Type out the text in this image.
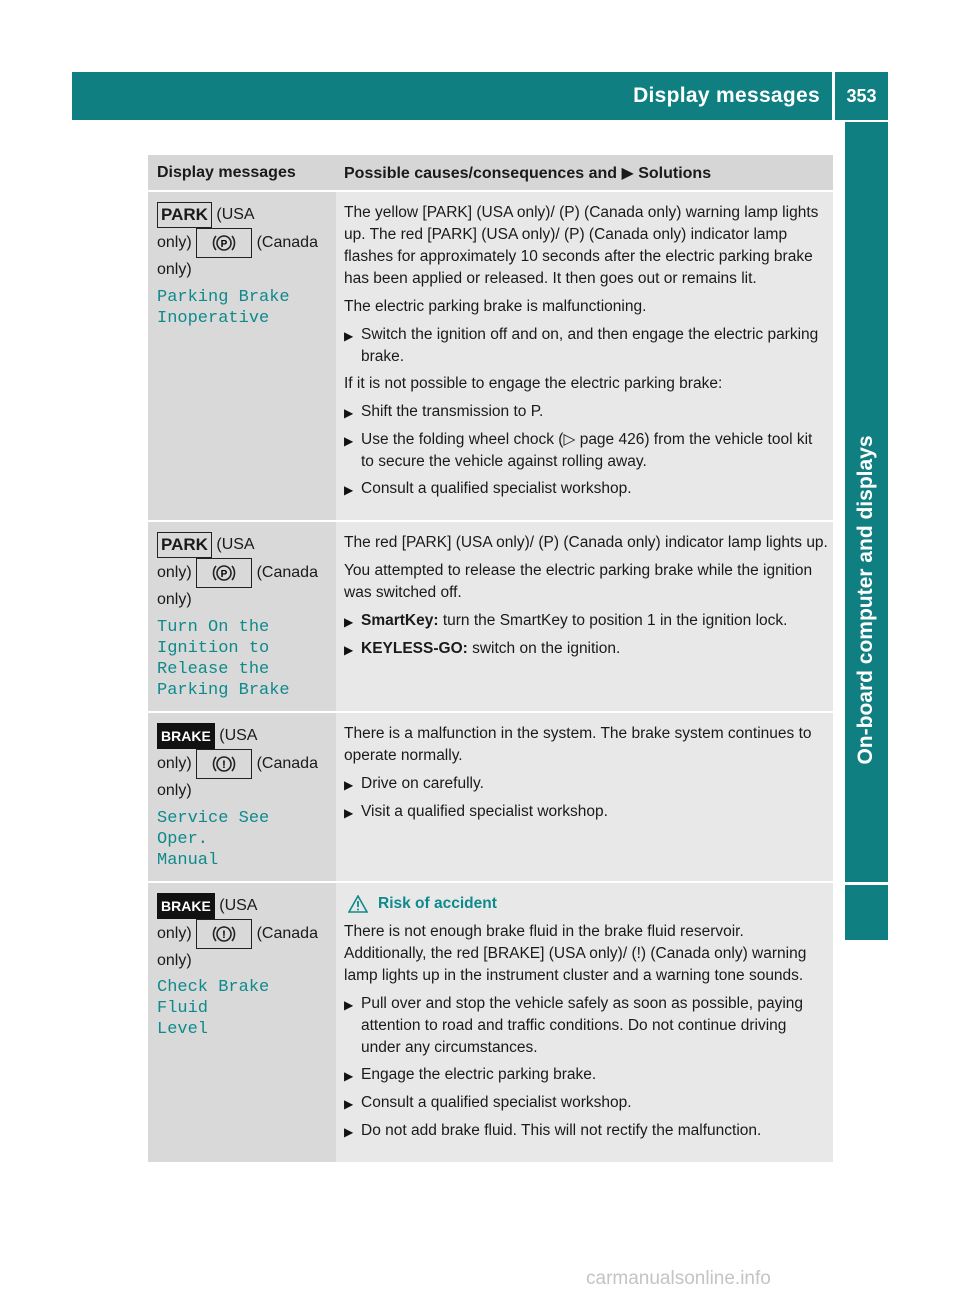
Display messages	353
On-board computer and displays
Display messages	Possible causes/consequences and ▶ Solutions
PARK (USA
only)	P (Canada
only)
Parking Brake
Inoperative

The yellow [PARK] (USA only)/ (P) (Canada only) warning lamp lights up. The red [PARK] (USA only)/ (P) (Canada only) indicator lamp flashes for approximately 10 seconds after the electric parking brake has been applied or released. It then goes out or remains lit.

The electric parking brake is malfunctioning.

▶ Switch the ignition off and on, and then engage the electric parking brake.

If it is not possible to engage the electric parking brake:

▶ Shift the transmission to P.
▶ Use the folding wheel chock (▷ page 426) from the vehicle tool kit to secure the vehicle against rolling away.
▶ Consult a qualified specialist workshop.
PARK (USA
only)	P (Canada
only)
Turn On the
Ignition to
Release the
Parking Brake

The red [PARK] (USA only)/ (P) (Canada only) indicator lamp lights up.

You attempted to release the electric parking brake while the ignition was switched off.

▶ SmartKey: turn the SmartKey to position 1 in the ignition lock.
▶ KEYLESS-GO: switch on the ignition.
BRAKE (USA
only)	! (Canada
only)
Service See Oper.
Manual

There is a malfunction in the system. The brake system continues to operate normally.

▶ Drive on carefully.
▶ Visit a qualified specialist workshop.
BRAKE (USA
only)	! (Canada
only)
Check Brake Fluid
Level
Risk of accident

There is not enough brake fluid in the brake fluid reservoir. Additionally, the red [BRAKE] (USA only)/ (!) (Canada only) warning lamp lights up in the instrument cluster and a warning tone sounds.

▶ Pull over and stop the vehicle safely as soon as possible, paying attention to road and traffic conditions. Do not continue driving under any circumstances.
▶ Engage the electric parking brake.
▶ Consult a qualified specialist workshop.
▶ Do not add brake fluid. This will not rectify the malfunction.
carmanualsonline.info
